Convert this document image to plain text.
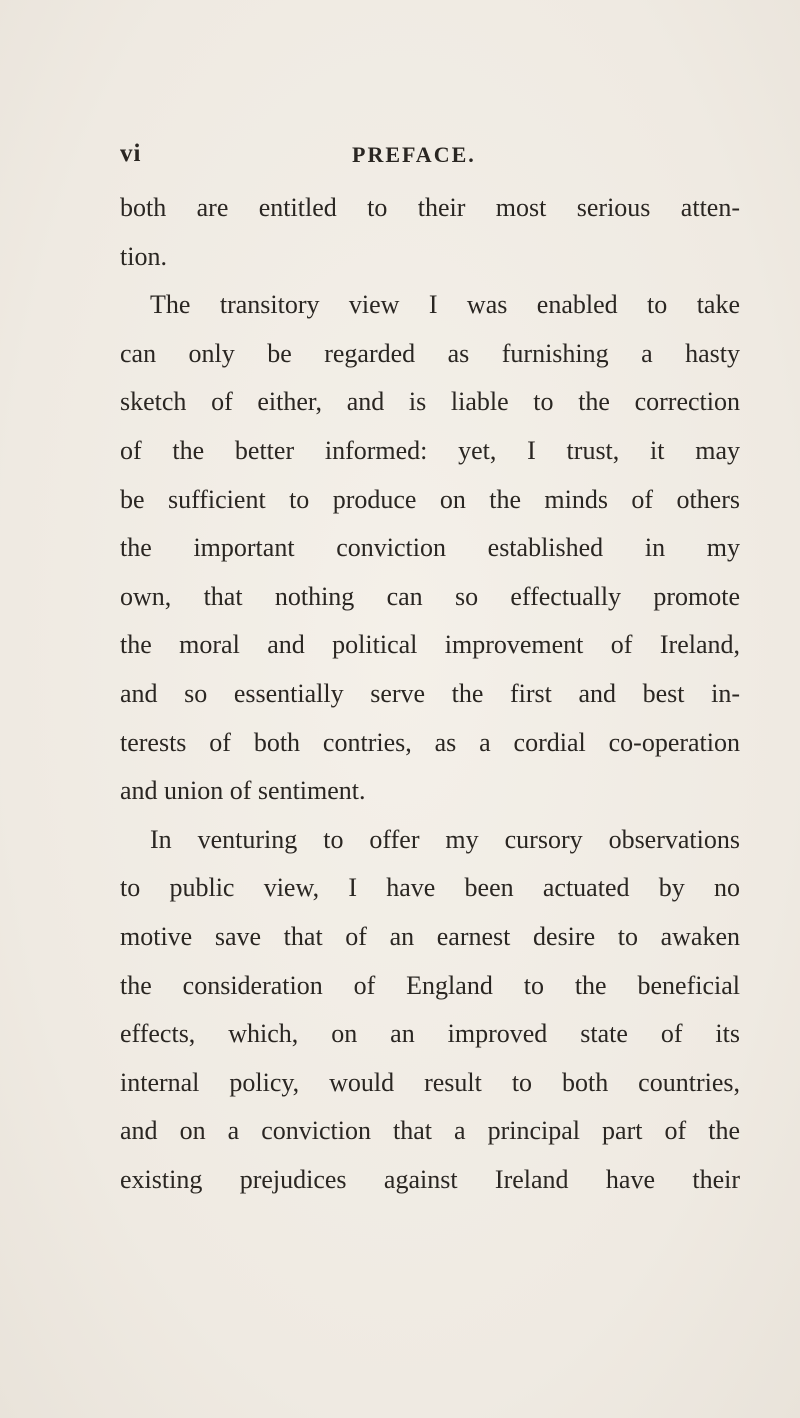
vi	PREFACE.
both are entitled to their most serious atten-
tion.
The transitory view I was enabled to take
can only be regarded as furnishing a hasty
sketch of either, and is liable to the correction
of the better informed: yet, I trust, it may
be sufficient to produce on the minds of others
the important conviction established in my
own, that nothing can so effectually promote
the moral and political improvement of Ireland,
and so essentially serve the first and best in-
terests of both contries, as a cordial co-operation
and union of sentiment.
In venturing to offer my cursory observations
to public view, I have been actuated by no
motive save that of an earnest desire to awaken
the consideration of England to the beneficial
effects, which, on an improved state of its
internal policy, would result to both countries,
and on a conviction that a principal part of the
existing prejudices against Ireland have their
